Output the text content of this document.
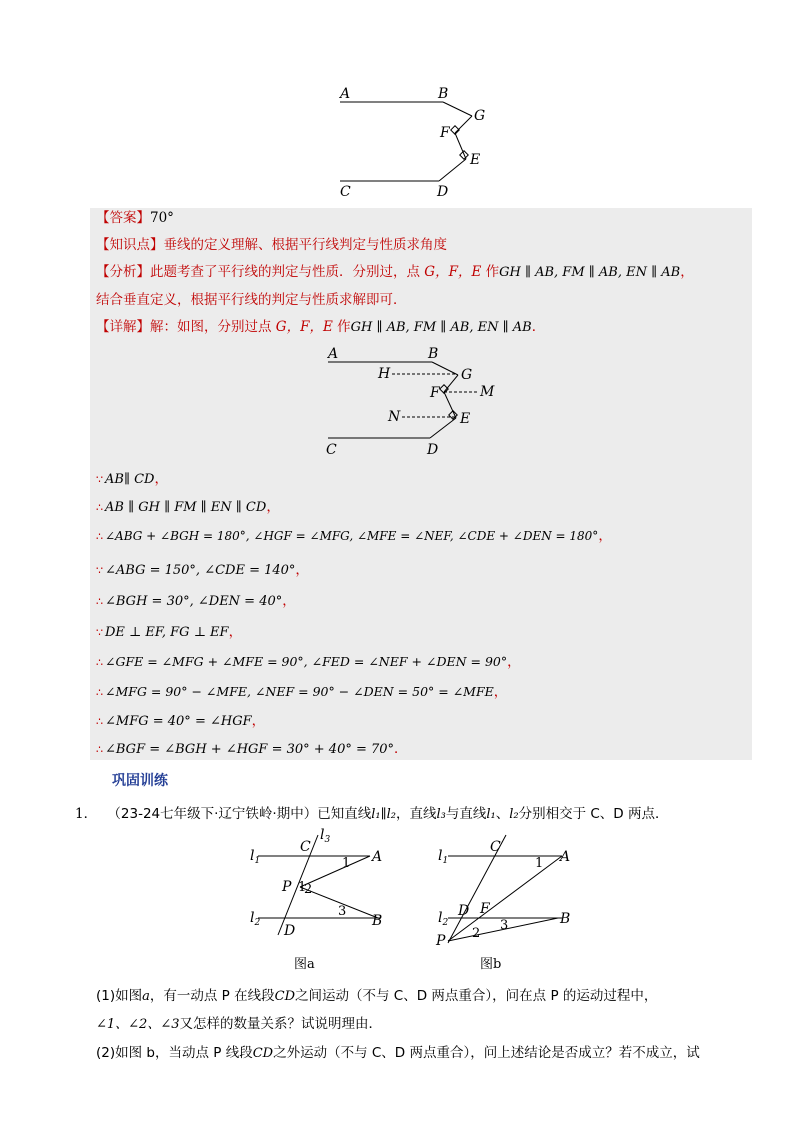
A	B
G
F
E
C	D
【答案】70°
【知识点】垂线的定义理解、根据平行线判定与性质求角度
【分析】此题考查了平行线的判定与性质．分别过，点 G，F，E 作GH ∥ AB, FM ∥ AB, EN ∥ AB，
结合垂直定义，根据平行线的判定与性质求解即可．
【详解】解：如图，分别过点 G，F，E 作GH ∥ AB, FM ∥ AB, EN ∥ AB．
A	B
H	G
F	M
N	E
C	D
∵ AB∥ CD，
∴ AB ∥ GH ∥ FM ∥ EN ∥ CD，
∴ ∠ABG + ∠BGH = 180°, ∠HGF = ∠MFG, ∠MFE = ∠NEF, ∠CDE + ∠DEN = 180°，
∵ ∠ABG = 150°, ∠CDE = 140°，
∴ ∠BGH = 30°, ∠DEN = 40°，
∵ DE ⊥ EF, FG ⊥ EF，
∴ ∠GFE = ∠MFG + ∠MFE = 90°, ∠FED = ∠NEF + ∠DEN = 90°，
∴ ∠MFG = 90° − ∠MFE, ∠NEF = 90° − ∠DEN = 50° = ∠MFE，
∴ ∠MFG = 40° = ∠HGF，
∴ ∠BGF = ∠BGH + ∠HGF = 30° + 40° = 70°．
巩固训练
1． （23-24七年级下·辽宁铁岭·期中）已知直线l₁∥l₂，直线l₃与直线l₁、l₂分别相交于 C、D 两点．
$l_1$
$l_3$
C
A
1
P 2
1
3
$l_2$ D
B
图a
$l_1$
C
A
1
D F
$l_2$	B
2
3
P
图b
(1)如图a，有一动点 P 在线段CD之间运动（不与 C、D 两点重合），问在点 P 的运动过程中，
∠1、∠2、∠3又怎样的数量关系？试说明理由．
(2)如图 b，当动点 P 线段CD之外运动（不与 C、D 两点重合），问上述结论是否成立？若不成立，试
